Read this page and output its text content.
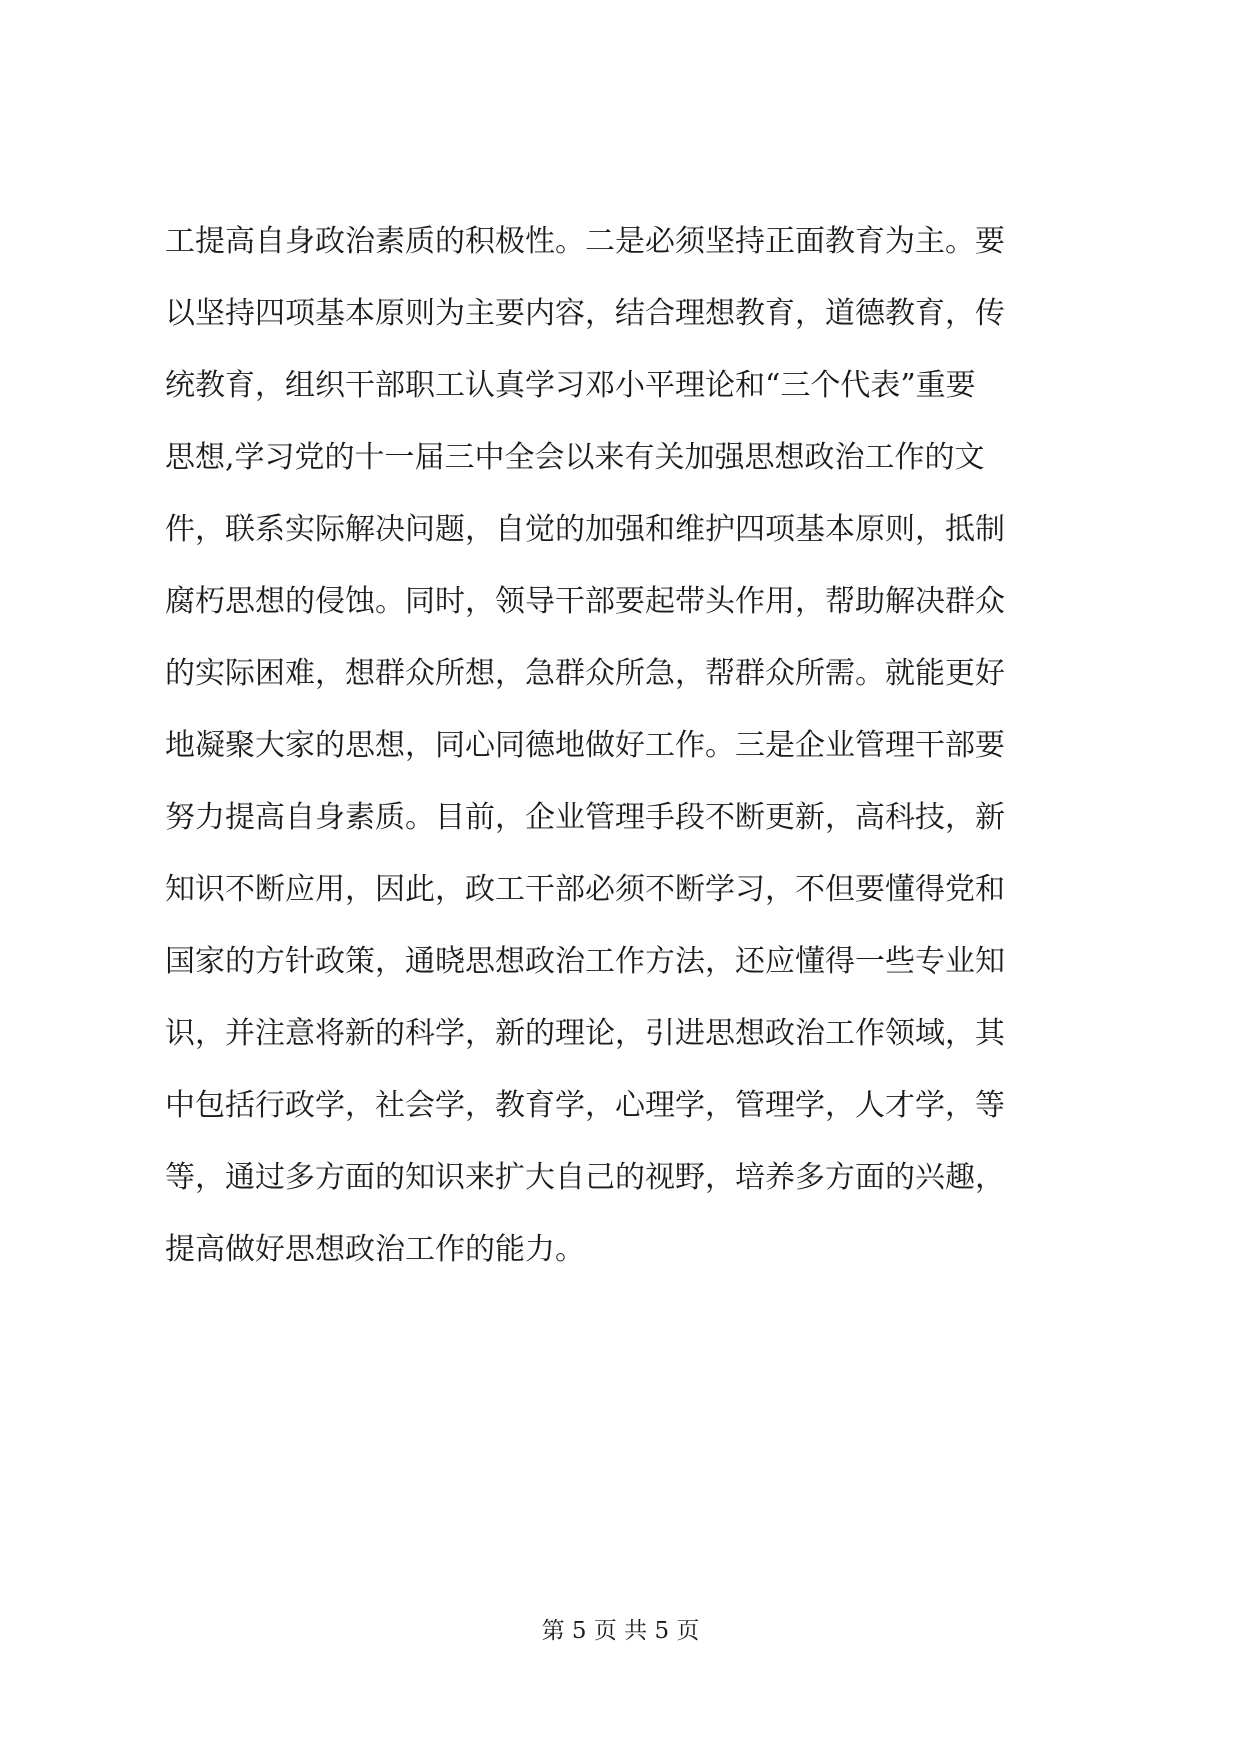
工提高自身政治素质的积极性。二是必须坚持正面教育为主。要
以坚持四项基本原则为主要内容，结合理想教育，道德教育，传
统教育，组织干部职工认真学习邓小平理论和“三个代表”重要
思想,学习党的十一届三中全会以来有关加强思想政治工作的文
件，联系实际解决问题，自觉的加强和维护四项基本原则，抵制
腐朽思想的侵蚀。同时，领导干部要起带头作用，帮助解决群众
的实际困难，想群众所想，急群众所急，帮群众所需。就能更好
地凝聚大家的思想，同心同德地做好工作。三是企业管理干部要
努力提高自身素质。目前，企业管理手段不断更新，高科技，新
知识不断应用，因此，政工干部必须不断学习，不但要懂得党和
国家的方针政策，通晓思想政治工作方法，还应懂得一些专业知
识，并注意将新的科学，新的理论，引进思想政治工作领域，其
中包括行政学，社会学，教育学，心理学，管理学，人才学，等
等，通过多方面的知识来扩大自己的视野，培养多方面的兴趣，
提高做好思想政治工作的能力。
第 5 页 共 5 页
